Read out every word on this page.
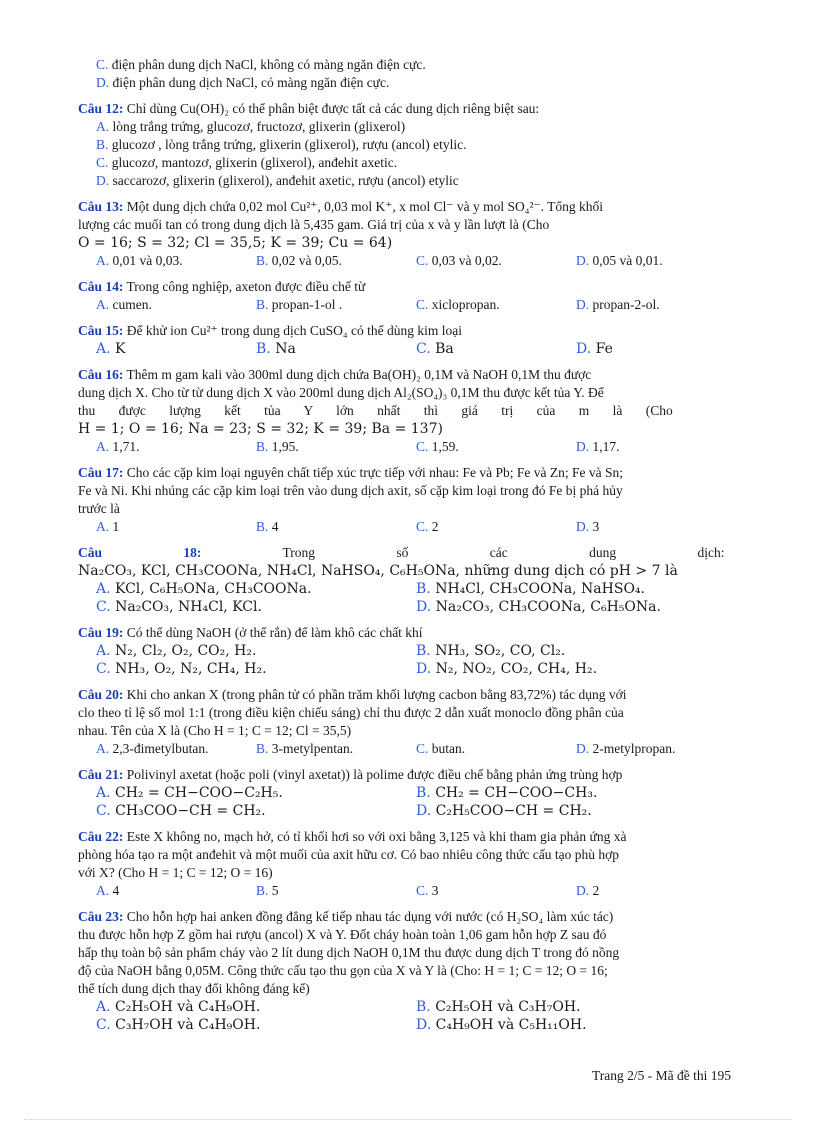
C. điện phân dung dịch NaCl, không có màng ngăn điện cực.
D. điện phân dung dịch NaCl, có màng ngăn điện cực.
Câu 12: Chỉ dùng Cu(OH)₂ có thể phân biệt được tất cả các dung dịch riêng biệt sau:
A. lòng trắng trứng, glucozơ, fructozơ, glixerin (glixerol)
B. glucozơ , lòng trắng trứng, glixerin (glixerol), rượu (ancol) etylic.
C. glucozơ, mantozơ, glixerin (glixerol), anđehit axetic.
D. saccarozơ, glixerin (glixerol), anđehit axetic, rượu (ancol) etylic
Câu 13: Một dung dịch chứa 0,02 mol Cu²⁺, 0,03 mol K⁺, x mol Cl⁻ và y mol SO₄²⁻. Tổng khối
lượng các muối tan có trong dung dịch là 5,435 gam. Giá trị của x và y lần lượt là (Cho
O = 16; S = 32; Cl = 35,5; K = 39; Cu = 64)
A. 0,01 và 0,03.	B. 0,02 và 0,05.	C. 0,03 và 0,02.	D. 0,05 và 0,01.
Câu 14: Trong công nghiệp, axeton được điều chế từ
A. cumen.	B. propan-1-ol .	C. xiclopropan.	D. propan-2-ol.
Câu 15: Để khử ion Cu²⁺ trong dung dịch CuSO₄ có thể dùng kim loại
A. K	B. Na	C. Ba	D. Fe
Câu 16: Thêm m gam kali vào 300ml dung dịch chứa Ba(OH)₂ 0,1M và NaOH 0,1M thu được
dung dịch X. Cho từ từ dung dịch X vào 200ml dung dịch Al₂(SO₄)₃ 0,1M thu được kết tủa Y. Để
thu được lượng kết tủa Y lớn nhất thì giá trị của m là (Cho
H = 1; O = 16; Na = 23; S = 32; K = 39; Ba = 137)
A. 1,71.	B. 1,95.	C. 1,59.	D. 1,17.
Câu 17: Cho các cặp kim loại nguyên chất tiếp xúc trực tiếp với nhau: Fe và Pb; Fe và Zn; Fe và Sn;
Fe và Ni. Khi nhúng các cặp kim loại trên vào dung dịch axit, số cặp kim loại trong đó Fe bị phá hủy
trước là
A. 1	B. 4	C. 2	D. 3
Câu 18:	Trong số các dung dịch:
Na₂CO₃, KCl, CH₃COONa, NH₄Cl, NaHSO₄, C₆H₅ONa, những dung dịch có pH > 7 là
A. KCl, C₆H₅ONa, CH₃COONa.	B. NH₄Cl, CH₃COONa, NaHSO₄.
C. Na₂CO₃, NH₄Cl, KCl.	D. Na₂CO₃, CH₃COONa, C₆H₅ONa.
Câu 19: Có thể dùng NaOH (ở thể rắn) để làm khô các chất khí
A. N₂, Cl₂, O₂, CO₂, H₂.	B. NH₃, SO₂, CO, Cl₂.
C. NH₃, O₂, N₂, CH₄, H₂.	D. N₂, NO₂, CO₂, CH₄, H₂.
Câu 20: Khi cho ankan X (trong phân tử có phần trăm khối lượng cacbon bằng 83,72%) tác dụng với
clo theo tỉ lệ số mol 1:1 (trong điều kiện chiếu sáng) chỉ thu được 2 dẫn xuất monoclo đồng phân của
nhau. Tên của X là (Cho H = 1; C = 12; Cl = 35,5)
A. 2,3-đimetylbutan.	B. 3-metylpentan.	C. butan.	D. 2-metylpropan.
Câu 21: Polivinyl axetat (hoặc poli (vinyl axetat)) là polime được điều chế bằng phản ứng trùng hợp
A. CH₂ = CH−COO−C₂H₅.	B. CH₂ = CH−COO−CH₃.
C. CH₃COO−CH = CH₂.	D. C₂H₅COO−CH = CH₂.
Câu 22: Este X không no, mạch hở, có tỉ khối hơi so với oxi bằng 3,125 và khi tham gia phản ứng xà
phòng hóa tạo ra một anđehit và một muối của axit hữu cơ. Có bao nhiêu công thức cấu tạo phù hợp
với X? (Cho H = 1; C = 12; O = 16)
A. 4	B. 5	C. 3	D. 2
Câu 23: Cho hỗn hợp hai anken đồng đẳng kế tiếp nhau tác dụng với nước (có H₂SO₄ làm xúc tác)
thu được hỗn hợp Z gồm hai rượu (ancol) X và Y. Đốt cháy hoàn toàn 1,06 gam hỗn hợp Z sau đó
hấp thụ toàn bộ sản phẩm cháy vào 2 lít dung dịch NaOH 0,1M thu được dung dịch T trong đó nồng
độ của NaOH bằng 0,05M. Công thức cấu tạo thu gọn của X và Y là (Cho: H = 1; C = 12; O = 16;
thể tích dung dịch thay đổi không đáng kể)
A. C₂H₅OH và C₄H₉OH.	B. C₂H₅OH và C₃H₇OH.
C. C₃H₇OH và C₄H₉OH.	D. C₄H₉OH và C₅H₁₁OH.
Trang 2/5 - Mã đề thi 195
